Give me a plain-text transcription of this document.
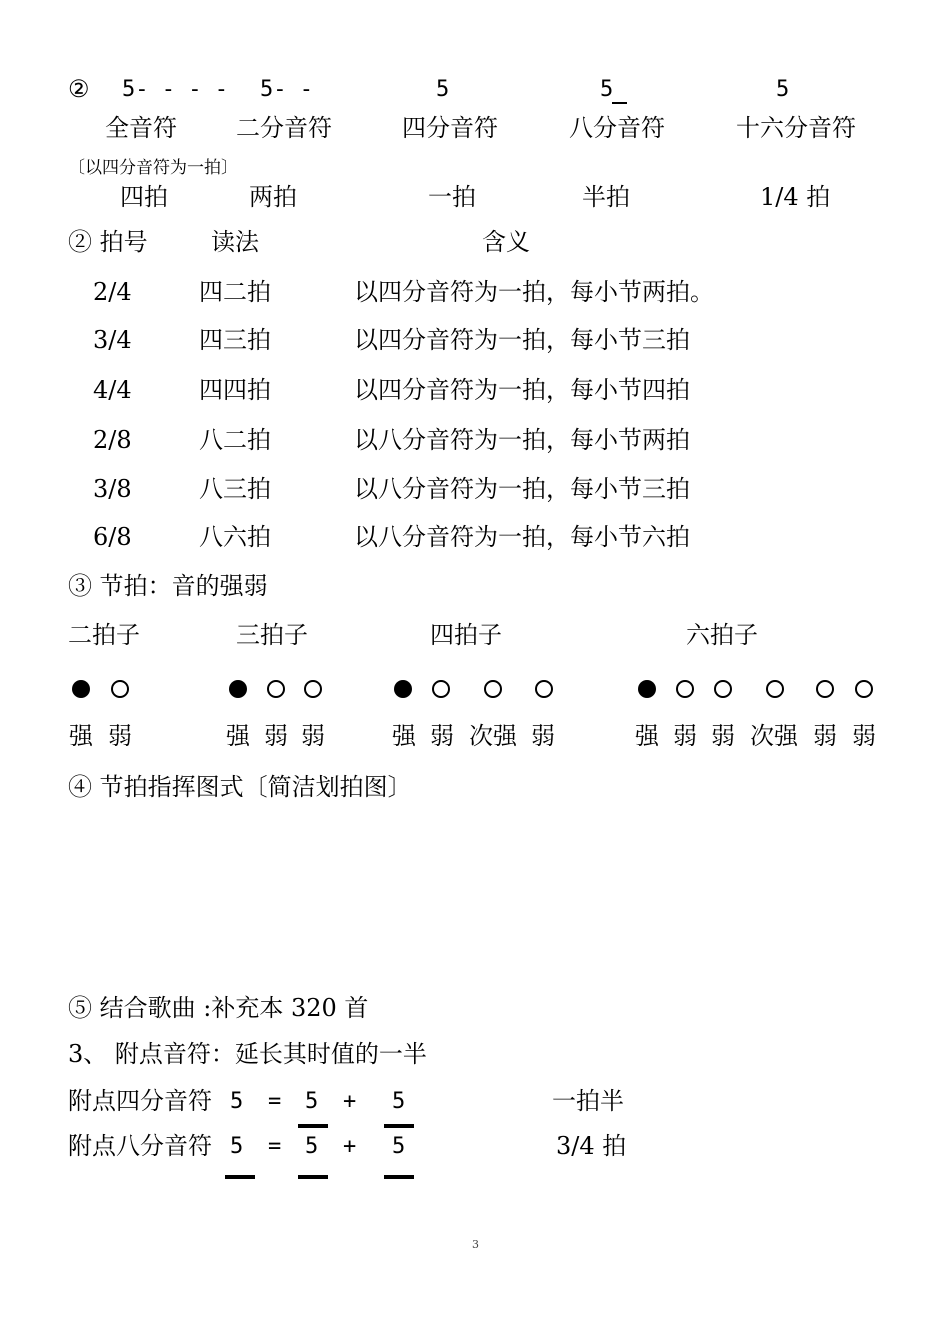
② 5- - - - 5- -	5	5	5
全音符 二分音符	四分音符	八分音符	十六分音符
〔以四分音符为一拍〕
四拍	两拍	一拍	半拍	1/4 拍
② 拍号	读法	含义
2/4	四二拍	以四分音符为一拍，每小节两拍。
3/4	四三拍	以四分音符为一拍，每小节三拍
4/4	四四拍	以四分音符为一拍，每小节四拍
2/8	八二拍	以八分音符为一拍，每小节两拍
3/8	八三拍	以八分音符为一拍，每小节三拍
6/8	八六拍	以八分音符为一拍，每小节六拍
③ 节拍：音的强弱
二拍子	三拍子	四拍子	六拍子
强 弱	强 弱 弱	强 弱 次强 弱	强 弱 弱 次强 弱 弱
④ 节拍指挥图式〔简洁划拍图〕
⑤ 结合歌曲 :补充本 320 首
3、 附点音符：延长其时值的一半
附点四分音符 5 = 5 + 5	一拍半
附点八分音符 5 = 5 + 5	3/4 拍
3
